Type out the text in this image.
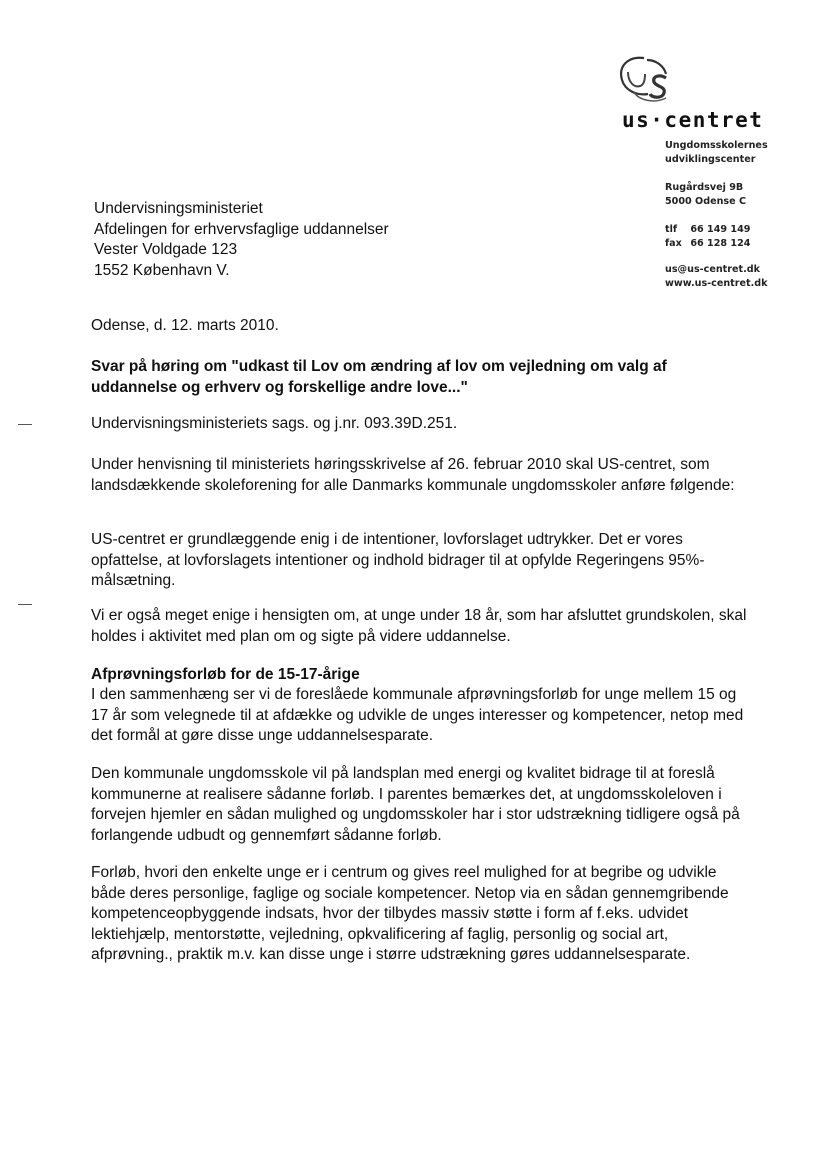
us·centret
Ungdomsskolernes
udviklingscenter
Rugårdsvej 9B
5000 Odense C
tlf 66 149 149
fax 66 128 124
us@us-centret.dk
www.us-centret.dk
Undervisningsministeriet
Afdelingen for erhvervsfaglige uddannelser
Vester Voldgade 123
1552 København V.
Odense, d. 12. marts 2010.
Svar på høring om "udkast til Lov om ændring af lov om vejledning om valg af uddannelse og erhverv og forskellige andre love..."
Undervisningsministeriets sags. og j.nr. 093.39D.251.
Under henvisning til ministeriets høringsskrivelse af 26. februar 2010 skal US-centret, som landsdækkende skoleforening for alle Danmarks kommunale ungdomsskoler anføre følgende:
US-centret er grundlæggende enig i de intentioner, lovforslaget udtrykker. Det er vores opfattelse, at lovforslagets intentioner og indhold bidrager til at opfylde Regeringens 95%-målsætning.
Vi er også meget enige i hensigten om, at unge under 18 år, som har afsluttet grundskolen, skal holdes i aktivitet med plan om og sigte på videre uddannelse.
Afprøvningsforløb for de 15-17-årige
I den sammenhæng ser vi de foreslåede kommunale afprøvningsforløb for unge mellem 15 og 17 år som velegnede til at afdække og udvikle de unges interesser og kompetencer, netop med det formål at gøre disse unge uddannelsesparate.
Den kommunale ungdomsskole vil på landsplan med energi og kvalitet bidrage til at foreslå kommunerne at realisere sådanne forløb. I parentes bemærkes det, at ungdomsskoleloven i forvejen hjemler en sådan mulighed og ungdomsskoler har i stor udstrækning tidligere også på forlangende udbudt og gennemført sådanne forløb.
Forløb, hvori den enkelte unge er i centrum og gives reel mulighed for at begribe og udvikle både deres personlige, faglige og sociale kompetencer. Netop via en sådan gennemgribende kompetenceopbyggende indsats, hvor der tilbydes massiv støtte i form af f.eks. udvidet lektiehjælp, mentorstøtte, vejledning, opkvalificering af faglig, personlig og social art, afprøvning., praktik m.v. kan disse unge i større udstrækning gøres uddannelsesparate.
